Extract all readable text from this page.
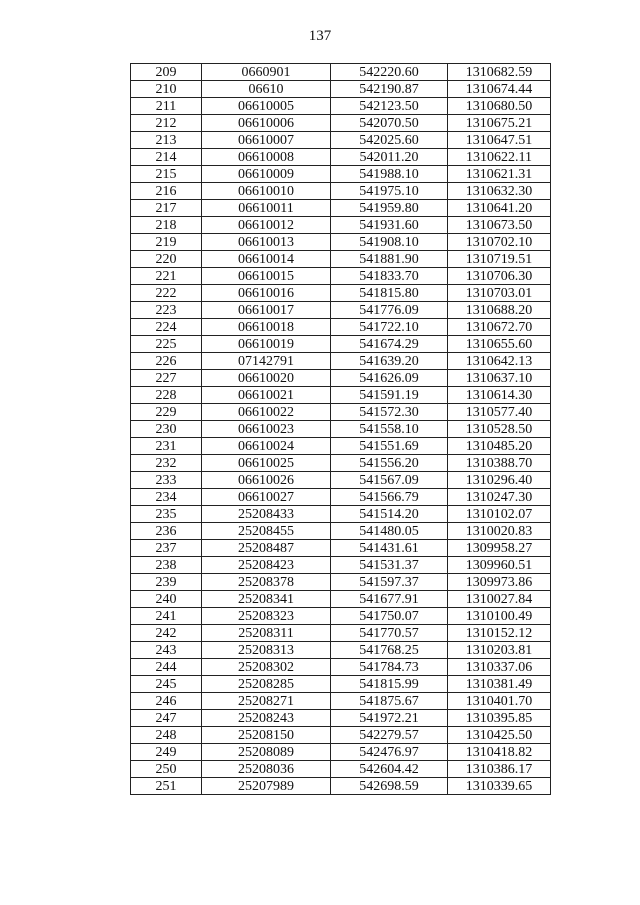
137
209	0660901	542220.60	1310682.59
210	06610	542190.87	1310674.44
211	06610005	542123.50	1310680.50
212	06610006	542070.50	1310675.21
213	06610007	542025.60	1310647.51
214	06610008	542011.20	1310622.11
215	06610009	541988.10	1310621.31
216	06610010	541975.10	1310632.30
217	06610011	541959.80	1310641.20
218	06610012	541931.60	1310673.50
219	06610013	541908.10	1310702.10
220	06610014	541881.90	1310719.51
221	06610015	541833.70	1310706.30
222	06610016	541815.80	1310703.01
223	06610017	541776.09	1310688.20
224	06610018	541722.10	1310672.70
225	06610019	541674.29	1310655.60
226	07142791	541639.20	1310642.13
227	06610020	541626.09	1310637.10
228	06610021	541591.19	1310614.30
229	06610022	541572.30	1310577.40
230	06610023	541558.10	1310528.50
231	06610024	541551.69	1310485.20
232	06610025	541556.20	1310388.70
233	06610026	541567.09	1310296.40
234	06610027	541566.79	1310247.30
235	25208433	541514.20	1310102.07
236	25208455	541480.05	1310020.83
237	25208487	541431.61	1309958.27
238	25208423	541531.37	1309960.51
239	25208378	541597.37	1309973.86
240	25208341	541677.91	1310027.84
241	25208323	541750.07	1310100.49
242	25208311	541770.57	1310152.12
243	25208313	541768.25	1310203.81
244	25208302	541784.73	1310337.06
245	25208285	541815.99	1310381.49
246	25208271	541875.67	1310401.70
247	25208243	541972.21	1310395.85
248	25208150	542279.57	1310425.50
249	25208089	542476.97	1310418.82
250	25208036	542604.42	1310386.17
251	25207989	542698.59	1310339.65
